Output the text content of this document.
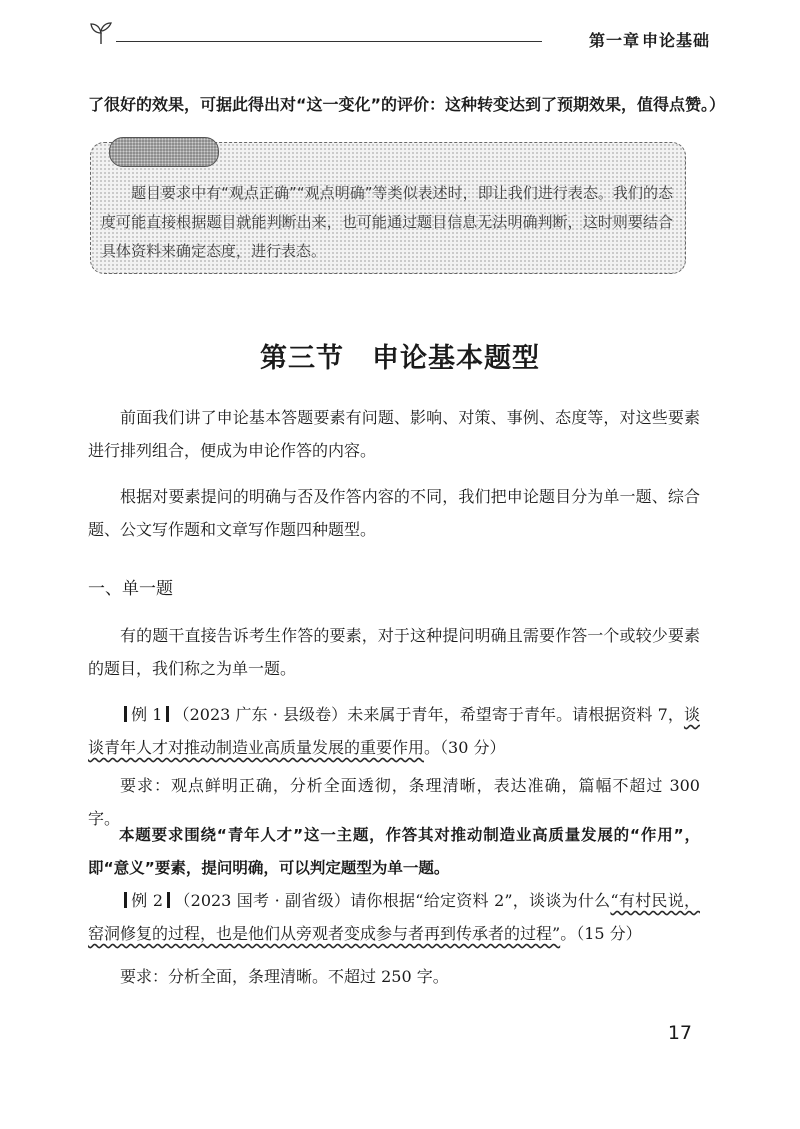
第一章 申论基础
了很好的效果，可据此得出对“这一变化”的评价：这种转变达到了预期效果，值得点赞。）
题目要求中有“观点正确”“观点明确”等类似表述时，即让我们进行表态。我们的态度可能直接根据题目就能判断出来，也可能通过题目信息无法明确判断，这时则要结合具体资料来确定态度，进行表态。
第三节 申论基本题型
前面我们讲了申论基本答题要素有问题、影响、对策、事例、态度等，对这些要素进行排列组合，便成为申论作答的内容。
根据对要素提问的明确与否及作答内容的不同，我们把申论题目分为单一题、综合题、公文写作题和文章写作题四种题型。
一、单一题
有的题干直接告诉考生作答的要素，对于这种提问明确且需要作答一个或较少要素的题目，我们称之为单一题。
例 1 （2023 广东 · 县级卷）未来属于青年，希望寄于青年。请根据资料 7，谈谈青年人才对推动制造业高质量发展的重要作用。（30 分）
要求：观点鲜明正确，分析全面透彻，条理清晰，表达准确，篇幅不超过 300 字。
本题要求围绕“青年人才”这一主题，作答其对推动制造业高质量发展的“作用”，即“意义”要素，提问明确，可以判定题型为单一题。
例 2 （2023 国考 · 副省级）请你根据“给定资料 2”，谈谈为什么“有村民说，窑洞修复的过程，也是他们从旁观者变成参与者再到传承者的过程”。（15 分）
要求：分析全面，条理清晰。不超过 250 字。
17
